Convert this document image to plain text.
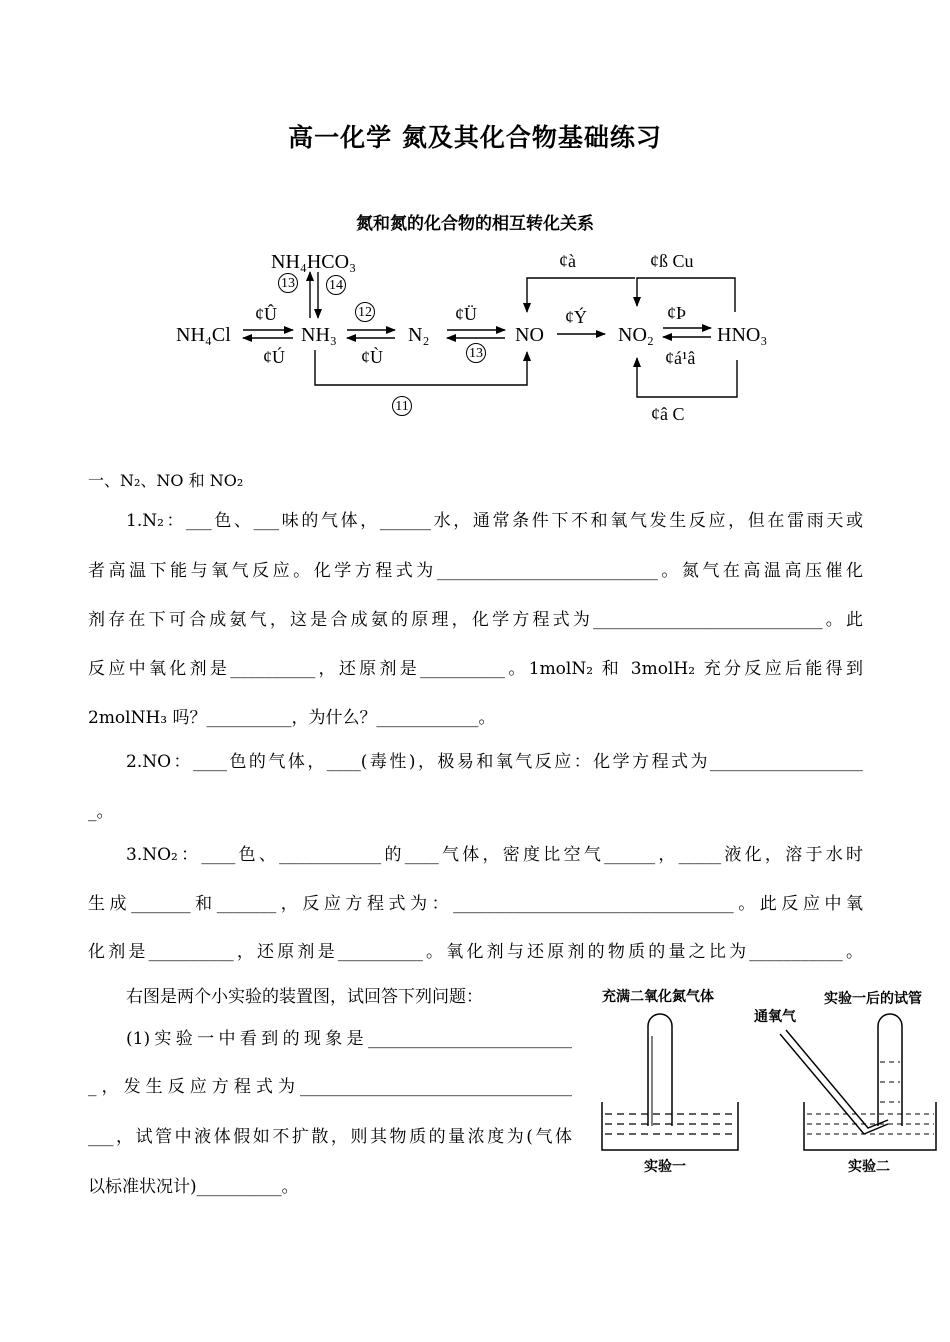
高一化学 氮及其化合物基础练习
氮和氮的化合物的相互转化关系
NH₄HCO₃
NH₄Cl	NH₃	N₂	NO	NO₂	HNO₃
¢Û
¢Ú	¢Ù
¢Ü	¢Ý	¢Þ
¢à	¢ß Cu
¢á¹â
¢â C
13 14
12
13
11
一、N₂、NO 和 NO₂
1.N₂：___色、___味的气体，______水，通常条件下不和氧气发生反应，但在雷雨天或
者高温下能与氧气反应。化学方程式为__________________________。氮气在高温高压催化
剂存在下可合成氨气，这是合成氨的原理，化学方程式为___________________________。此
反应中氧化剂是__________，还原剂是__________。1molN₂ 和 3molH₂ 充分反应后能得到
2molNH₃ 吗？__________，为什么？____________。
2.NO：____色的气体，____(毒性)，极易和氧气反应：化学方程式为__________________
_。
3.NO₂：____色、____________的____气体，密度比空气______，_____液化，溶于水时
生成_______和_______，反应方程式为：_________________________________。此反应中氧
化剂是__________，还原剂是__________。氧化剂与还原剂的物质的量之比为___________。
右图是两个小实验的装置图，试回答下列问题：
(1)实验一中看到的现象是________________________
_，发生反应方程式为________________________________
___，试管中液体假如不扩散，则其物质的量浓度为(气体
以标准状况计)__________。
充满二氧化氮气体	实验一后的试管
通氧气
实验一	实验二
